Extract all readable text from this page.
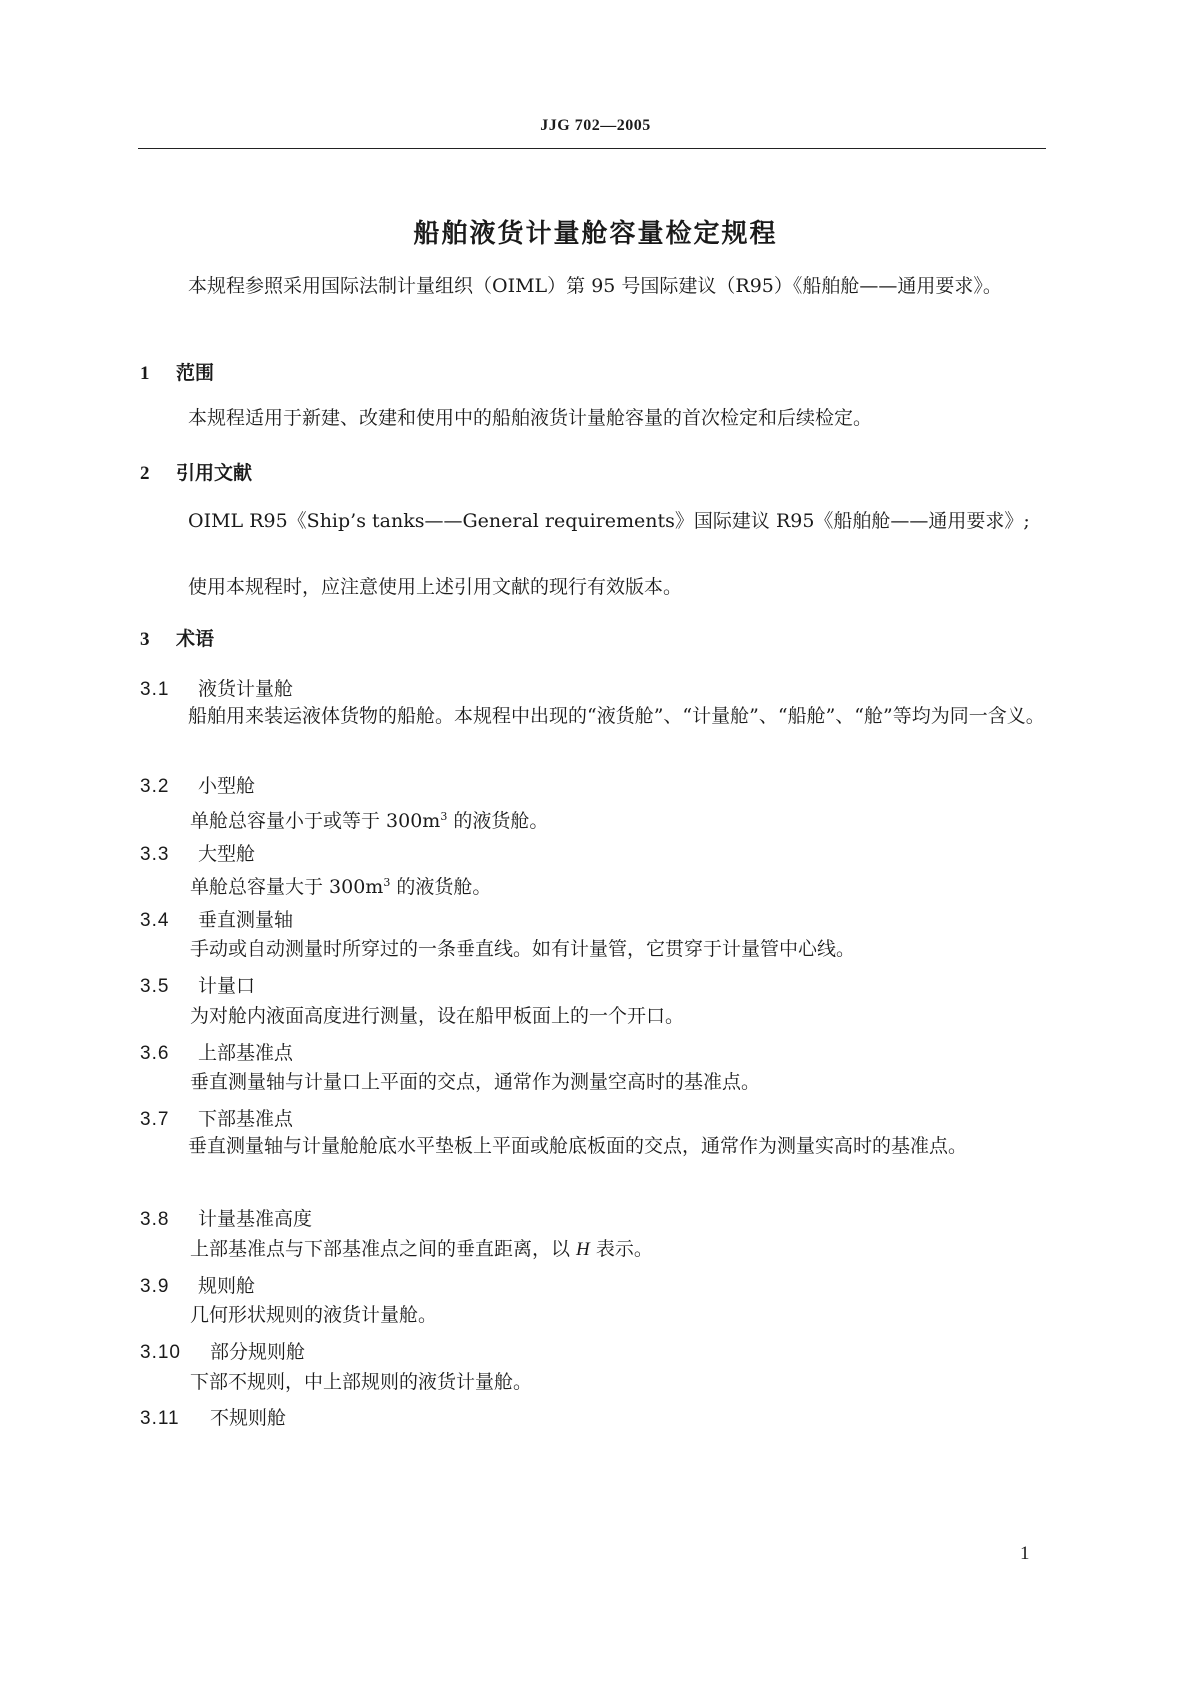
JJG 702—2005
船舶液货计量舱容量检定规程
本规程参照采用国际法制计量组织（OIML）第 95 号国际建议（R95）《船舶舱——通用要求》。
1 范围
本规程适用于新建、改建和使用中的船舶液货计量舱容量的首次检定和后续检定。
2 引用文献
OIML R95《Ship’s tanks——General requirements》国际建议 R95《船舶舱——通用要求》;
使用本规程时，应注意使用上述引用文献的现行有效版本。
3 术语
3.1 液货计量舱
船舶用来装运液体货物的船舱。本规程中出现的“液货舱”、“计量舱”、“船舱”、“舱”等均为同一含义。
3.2 小型舱
单舱总容量小于或等于 $300m^3$ 的液货舱。
3.3 大型舱
单舱总容量大于 $300m^3$ 的液货舱。
3.4 垂直测量轴
手动或自动测量时所穿过的一条垂直线。如有计量管，它贯穿于计量管中心线。
3.5 计量口
为对舱内液面高度进行测量，设在船甲板面上的一个开口。
3.6 上部基准点
垂直测量轴与计量口上平面的交点，通常作为测量空高时的基准点。
3.7 下部基准点
垂直测量轴与计量舱舱底水平垫板上平面或舱底板面的交点，通常作为测量实高时的基准点。
3.8 计量基准高度
上部基准点与下部基准点之间的垂直距离，以 H 表示。
3.9 规则舱
几何形状规则的液货计量舱。
3.10 部分规则舱
下部不规则，中上部规则的液货计量舱。
3.11 不规则舱
1
